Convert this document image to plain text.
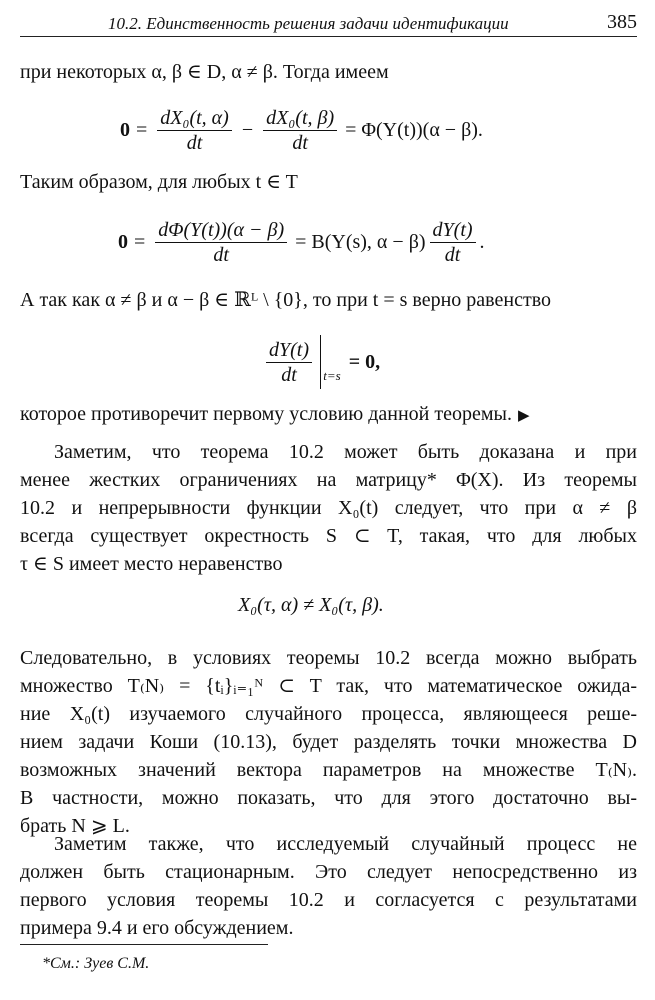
10.2. Единственность решения задачи идентификации	385
при некоторых α, β ∈ D, α ≠ β. Тогда имеем
$0 = \frac{\text{dX₀(t, α)}}{dt} - \frac{\text{dX₀(t, β)}}{dt} = \Phi(Y(t))(\alpha - \beta)$.
Таким образом, для любых t ∈ T
$0 = \frac{d\Phi(Y(t))(\alpha - \beta)}{dt} = B(Y(s)$, $\alpha - \beta) \frac{dY(t)}{dt}$ .
А так как α ≠ β и α − β ∈ ℝᴸ \ {0}, то при t = s верно равенство
$\frac{dY(t)}{dt} t=s$
= 0,
которое противоречит первому условию данной теоремы. ▶
Заметим, что теорема 10.2 может быть доказана и при
менее жестких ограничениях на матрицу* Φ(X). Из теоремы
10.2 и непрерывности функции X₀(t) следует, что при α ≠ β
всегда существует окрестность S ⊂ T, такая, что для любых
τ ∈ S имеет место неравенство
X₀(τ, α) ≠ X₀(τ, β).
Следовательно, в условиях теоремы 10.2 всегда можно выбрать
множество T₍N₎ = {tᵢ}ᵢ₌₁ᴺ ⊂ T так, что математическое ожида-
ние X₀(t) изучаемого случайного процесса, являющееся реше-
нием задачи Коши (10.13), будет разделять точки множества D
возможных значений вектора параметров на множестве T₍N₎.
В частности, можно показать, что для этого достаточно вы-
брать N ⩾ L.
Заметим также, что исследуемый случайный процесс не
должен быть стационарным. Это следует непосредственно из
первого условия теоремы 10.2 и согласуется с результатами
примера 9.4 и его обсуждением.
*См.: Зуев С.М.
